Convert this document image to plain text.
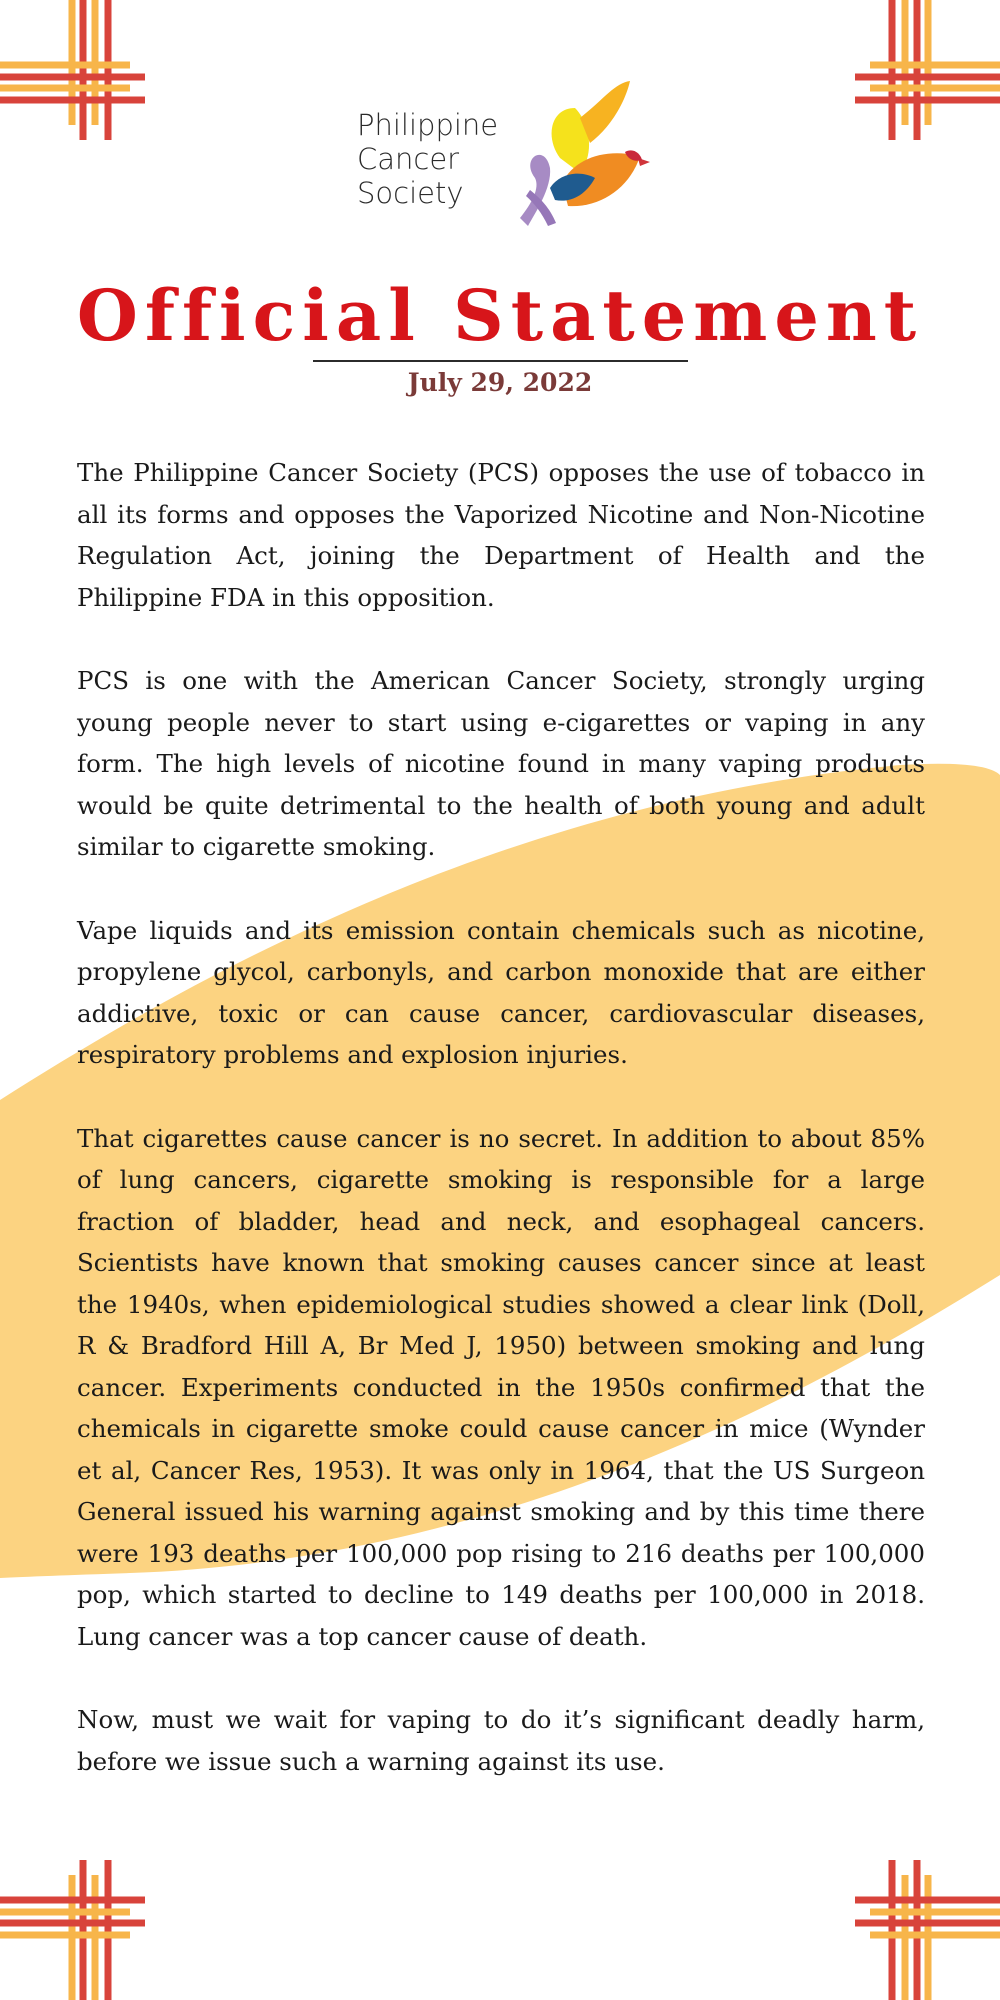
Philippine
Cancer
Society
Official Statement
July 29, 2022

The Philippine Cancer Society (PCS) opposes the use of tobacco in all its forms and opposes the Vaporized Nicotine and Non-Nicotine Regulation Act, joining the Department of Health and the Philippine FDA in this opposition.

PCS is one with the American Cancer Society, strongly urging young people never to start using e-cigarettes or vaping in any form. The high levels of nicotine found in many vaping products would be quite detrimental to the health of both young and adult similar to cigarette smoking.

Vape liquids and its emission contain chemicals such as nicotine, propylene glycol, carbonyls, and carbon monoxide that are either addictive, toxic or can cause cancer, cardiovascular diseases, respiratory problems and explosion injuries.

That cigarettes cause cancer is no secret. In addition to about 85% of lung cancers, cigarette smoking is responsible for a large fraction of bladder, head and neck, and esophageal cancers. Scientists have known that smoking causes cancer since at least the 1940s, when epidemiological studies showed a clear link (Doll, R & Bradford Hill A, Br Med J, 1950) between smoking and lung cancer. Experiments conducted in the 1950s confirmed that the chemicals in cigarette smoke could cause cancer in mice (Wynder et al, Cancer Res, 1953). It was only in 1964, that the US Surgeon General issued his warning against smoking and by this time there were 193 deaths per 100,000 pop rising to 216 deaths per 100,000 pop, which started to decline to 149 deaths per 100,000 in 2018. Lung cancer was a top cancer cause of death.

Now, must we wait for vaping to do it’s significant deadly harm, before we issue such a warning against its use.
